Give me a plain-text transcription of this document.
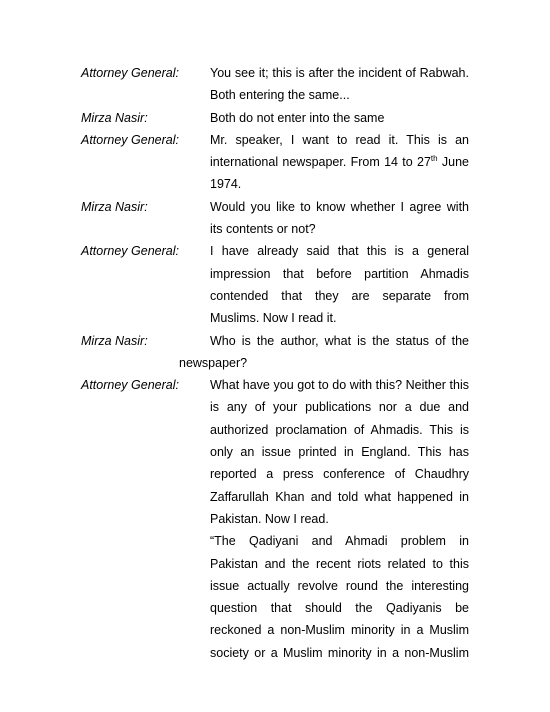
Attorney General: You see it; this is after the incident of Rabwah. Both entering the same...
Mirza Nasir:	Both do not enter into the same
Attorney General: Mr. speaker, I want to read it. This is an international newspaper. From 14 to 27th June 1974.
Mirza Nasir:	Would you like to know whether I agree with its contents or not?
Attorney General: I have already said that this is a general impression that before partition Ahmadis contended that they are separate from Muslims. Now I read it.
Mirza Nasir:	Who is the author, what is the status of the
newspaper?
Attorney General: What have you got to do with this? Neither this is any of your publications nor a due and authorized proclamation of Ahmadis. This is only an issue printed in England. This has reported a press conference of Chaudhry Zaffarullah Khan and told what happened in Pakistan. Now I read.
“The Qadiyani and Ahmadi problem in Pakistan and the recent riots related to this issue actually revolve round the interesting question that should the Qadiyanis be reckoned a non-Muslim minority in a Muslim society or a Muslim minority in a non-Muslim
